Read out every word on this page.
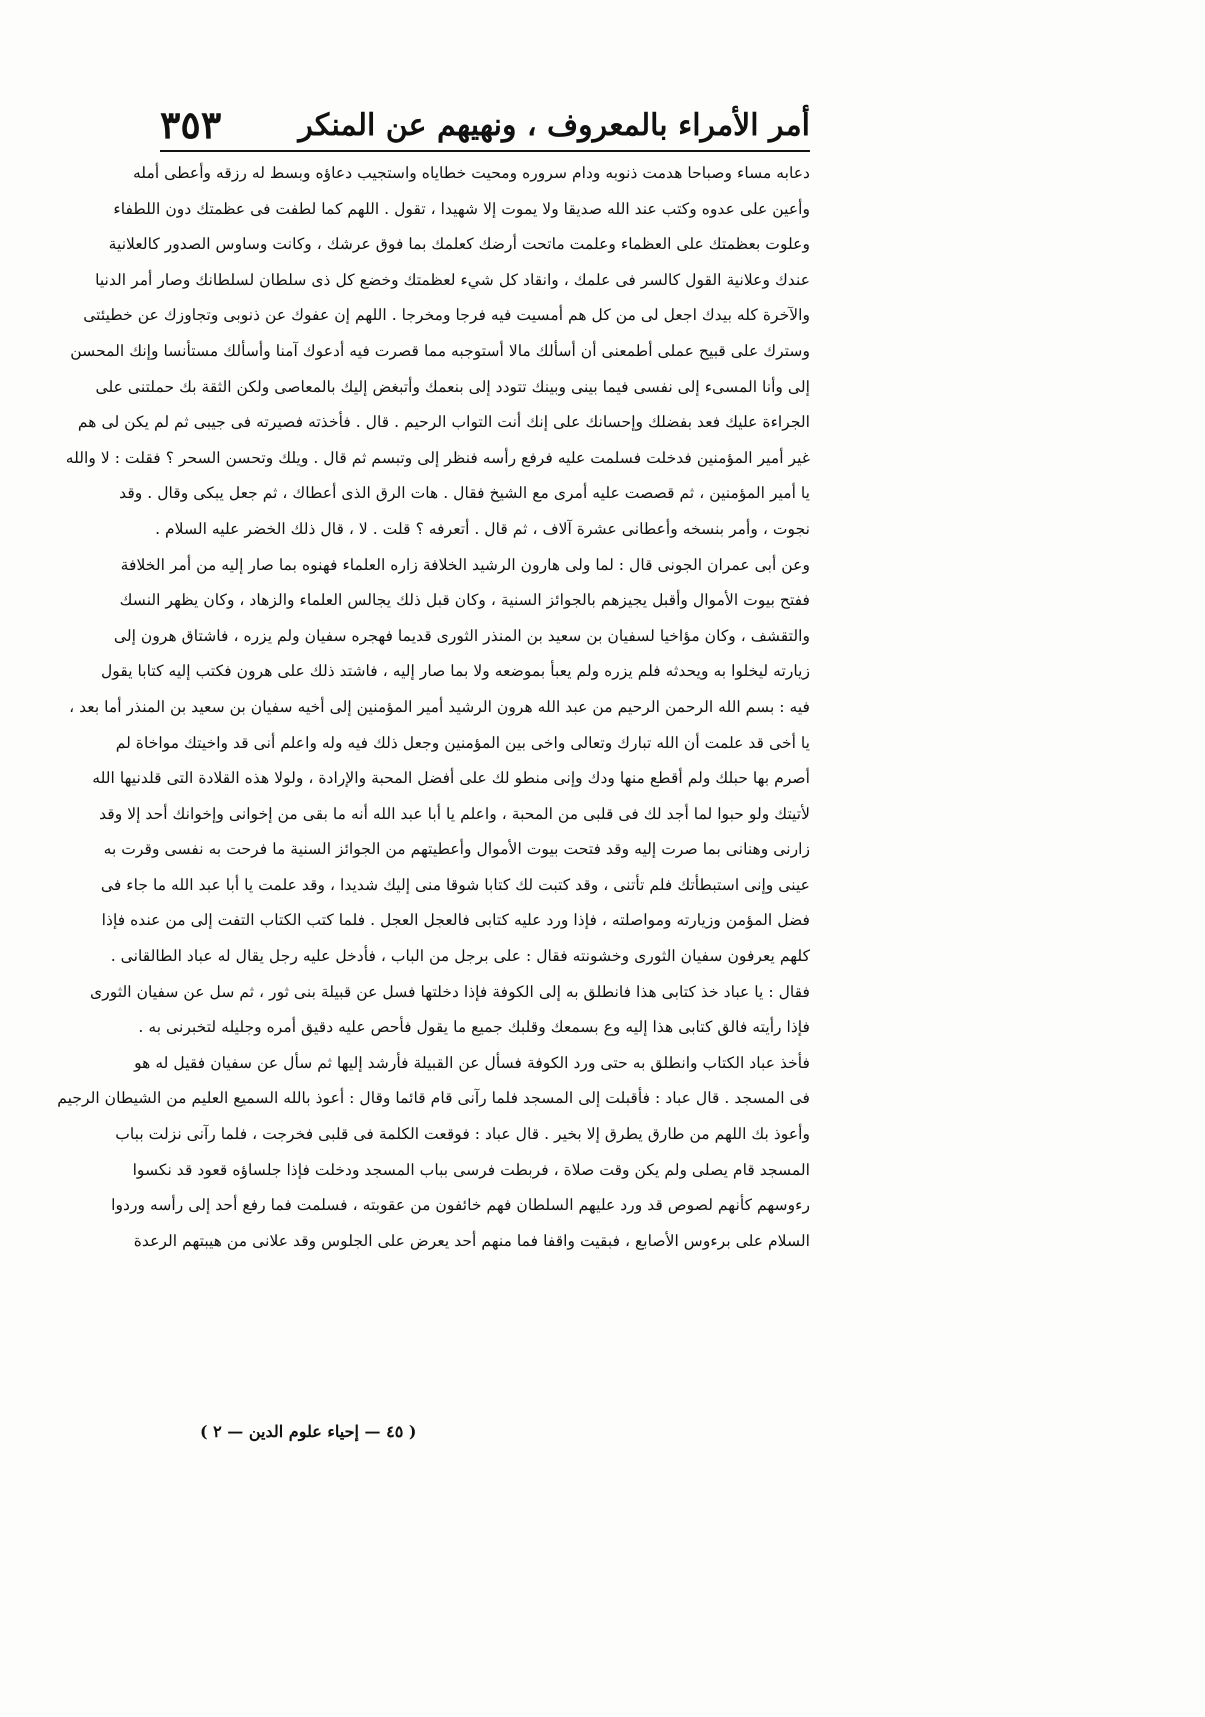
أمر الأمراء بالمعروف ، ونهيهم عن المنكر
٣٥٣
دعابه مساء وصباحا هدمت ذنوبه ودام سروره ومحيت خطاياه واستجيب دعاؤه وبسط له رزقه وأعطى أمله
وأعين على عدوه وكتب عند الله صديقا ولا يموت إلا شهيدا ، تقول . اللهم كما لطفت فى عظمتك دون اللطفاء
وعلوت بعظمتك على العظماء وعلمت ماتحت أرضك كعلمك بما فوق عرشك ، وكانت وساوس الصدور كالعلانية
عندك وعلانية القول كالسر فى علمك ، وانقاد كل شيء لعظمتك وخضع كل ذى سلطان لسلطانك وصار أمر الدنيا
والآخرة كله بيدك اجعل لى من كل هم أمسيت فيه فرجا ومخرجا . اللهم إن عفوك عن ذنوبى وتجاوزك عن خطيئتى
وسترك على قبيح عملى أطمعنى أن أسألك مالا أستوجبه مما قصرت فيه أدعوك آمنا وأسألك مستأنسا وإنك المحسن
إلى وأنا المسىء إلى نفسى فيما بينى وبينك تتودد إلى بنعمك وأتبغض إليك بالمعاصى ولكن الثقة بك حملتنى على
الجراءة عليك فعد بفضلك وإحسانك على إنك أنت التواب الرحيم . قال . فأخذته فصيرته فى جيبى ثم لم يكن لى هم
غير أمير المؤمنين فدخلت فسلمت عليه فرفع رأسه فنظر إلى وتبسم ثم قال . ويلك وتحسن السحر ؟ فقلت : لا والله
يا أمير المؤمنين ، ثم قصصت عليه أمرى مع الشيخ فقال . هات الرق الذى أعطاك ، ثم جعل يبكى وقال . وقد
نجوت ، وأمر بنسخه وأعطانى عشرة آلاف ، ثم قال . أتعرفه ؟ قلت . لا ، قال ذلك الخضر عليه السلام .
وعن أبى عمران الجونى قال : لما ولى هارون الرشيد الخلافة زاره العلماء فهنوه بما صار إليه من أمر الخلافة
ففتح بيوت الأموال وأقبل يجيزهم بالجوائز السنية ، وكان قبل ذلك يجالس العلماء والزهاد ، وكان يظهر النسك
والتقشف ، وكان مؤاخيا لسفيان بن سعيد بن المنذر الثورى قديما فهجره سفيان ولم يزره ، فاشتاق هرون إلى
زيارته ليخلوا به ويحدثه فلم يزره ولم يعبأ بموضعه ولا بما صار إليه ، فاشتد ذلك على هرون فكتب إليه كتابا يقول
فيه : بسم الله الرحمن الرحيم من عبد الله هرون الرشيد أمير المؤمنين إلى أخيه سفيان بن سعيد بن المنذر أما بعد ،
يا أخى قد علمت أن الله تبارك وتعالى واخى بين المؤمنين وجعل ذلك فيه وله واعلم أنى قد واخيتك مواخاة لم
أصرم بها حبلك ولم أقطع منها ودك وإنى منطو لك على أفضل المحبة والإرادة ، ولولا هذه القلادة التى قلدنيها الله
لأتيتك ولو حبوا لما أجد لك فى قلبى من المحبة ، واعلم يا أبا عبد الله أنه ما بقى من إخوانى وإخوانك أحد إلا وقد
زارنى وهنانى بما صرت إليه وقد فتحت بيوت الأموال وأعطيتهم من الجوائز السنية ما فرحت به نفسى وقرت به
عينى وإنى استبطأتك فلم تأتنى ، وقد كتبت لك كتابا شوقا منى إليك شديدا ، وقد علمت يا أبا عبد الله ما جاء فى
فضل المؤمن وزيارته ومواصلته ، فإذا ورد عليه كتابى فالعجل العجل . فلما كتب الكتاب التفت إلى من عنده فإذا
كلهم يعرفون سفيان الثورى وخشونته فقال : على برجل من الباب ، فأدخل عليه رجل يقال له عباد الطالقانى .
فقال : يا عباد خذ كتابى هذا فانطلق به إلى الكوفة فإذا دخلتها فسل عن قبيلة بنى ثور ، ثم سل عن سفيان الثورى
فإذا رأيته فالق كتابى هذا إليه وع بسمعك وقلبك جميع ما يقول فأحص عليه دقيق أمره وجليله لتخبرنى به .
فأخذ عباد الكتاب وانطلق به حتى ورد الكوفة فسأل عن القبيلة فأرشد إليها ثم سأل عن سفيان فقيل له هو
فى المسجد . قال عباد : فأقبلت إلى المسجد فلما رآنى قام قائما وقال : أعوذ بالله السميع العليم من الشيطان الرجيم
وأعوذ بك اللهم من طارق يطرق إلا بخير . قال عباد : فوقعت الكلمة فى قلبى فخرجت ، فلما رآنى نزلت بباب
المسجد قام يصلى ولم يكن وقت صلاة ، فربطت فرسى بباب المسجد ودخلت فإذا جلساؤه قعود قد نكسوا
رءوسهم كأنهم لصوص قد ورد عليهم السلطان فهم خائفون من عقوبته ، فسلمت فما رفع أحد إلى رأسه وردوا
السلام على برءوس الأصابع ، فبقيت واقفا فما منهم أحد يعرض على الجلوس وقد علانى من هيبتهم الرعدة
( ٤٥ — إحياء علوم الدين — ٢ )
